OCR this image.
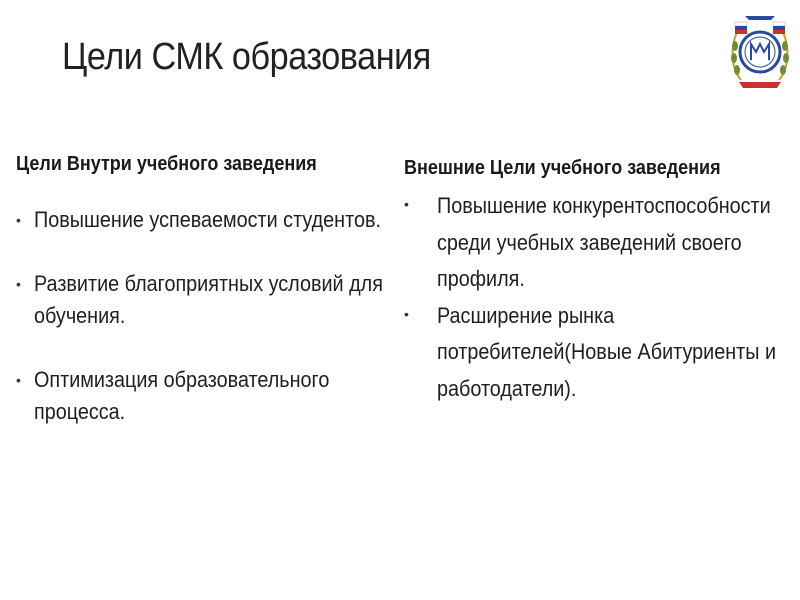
Цели СМК образования
Цели Внутри учебного заведения
• Повышение успеваемости студентов.
• Развитие благоприятных условий для обучения.
• Оптимизация образовательного процесса.
Внешние Цели учебного заведения
• Повышение конкурентоспособности среди учебных заведений своего профиля.
• Расширение рынка потребителей(Новые Абитуриенты и работодатели).
